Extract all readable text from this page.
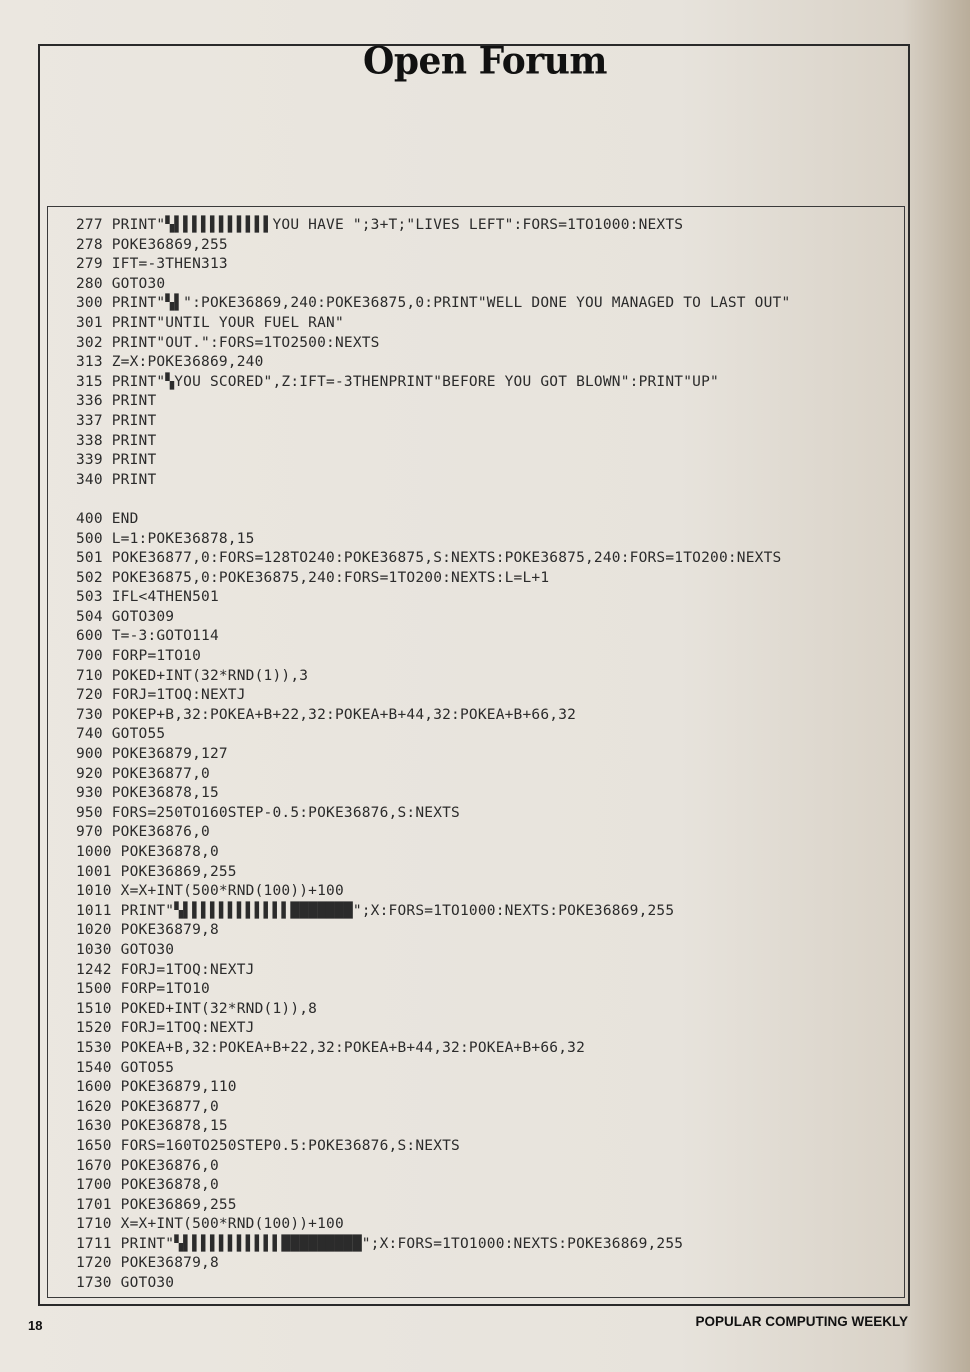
Open Forum
277 PRINT"▚▌▌▌▌▌▌▌▌▌▌▌YOU HAVE ";3+T;"LIVES LEFT":FORS=1TO1000:NEXTS
278 POKE36869,255
279 IFT=-3THEN313
280 GOTO30
300 PRINT"▚▌":POKE36869,240:POKE36875,0:PRINT"WELL DONE YOU MANAGED TO LAST OUT"
301 PRINT"UNTIL YOUR FUEL RAN"
302 PRINT"OUT.":FORS=1TO2500:NEXTS
313 Z=X:POKE36869,240
315 PRINT"▚YOU SCORED",Z:IFT=-3THENPRINT"BEFORE YOU GOT BLOWN":PRINT"UP"
336 PRINT
337 PRINT
338 PRINT
339 PRINT
340 PRINT
400 END
500 L=1:POKE36878,15
501 POKE36877,0:FORS=128TO240:POKE36875,S:NEXTS:POKE36875,240:FORS=1TO200:NEXTS
502 POKE36875,0:POKE36875,240:FORS=1TO200:NEXTS:L=L+1
503 IFL<4THEN501
504 GOTO309
600 T=-3:GOTO114
700 FORP=1TO10
710 POKED+INT(32*RND(1)),3
720 FORJ=1TOQ:NEXTJ
730 POKEP+B,32:POKEA+B+22,32:POKEA+B+44,32:POKEA+B+66,32
740 GOTO55
900 POKE36879,127
920 POKE36877,0
930 POKE36878,15
950 FORS=250TO160STEP-0.5:POKE36876,S:NEXTS
970 POKE36876,0
1000 POKE36878,0
1001 POKE36869,255
1010 X=X+INT(500*RND(100))+100
1011 PRINT"▚▌▌▌▌▌▌▌▌▌▌▌▌███████";X:FORS=1TO1000:NEXTS:POKE36869,255
1020 POKE36879,8
1030 GOTO30
1242 FORJ=1TOQ:NEXTJ
1500 FORP=1TO10
1510 POKED+INT(32*RND(1)),8
1520 FORJ=1TOQ:NEXTJ
1530 POKEA+B,32:POKEA+B+22,32:POKEA+B+44,32:POKEA+B+66,32
1540 GOTO55
1600 POKE36879,110
1620 POKE36877,0
1630 POKE36878,15
1650 FORS=160TO250STEP0.5:POKE36876,S:NEXTS
1670 POKE36876,0
1700 POKE36878,0
1701 POKE36869,255
1710 X=X+INT(500*RND(100))+100
1711 PRINT"▚▌▌▌▌▌▌▌▌▌▌▌█████████";X:FORS=1TO1000:NEXTS:POKE36869,255
1720 POKE36879,8
1730 GOTO30
18	POPULAR COMPUTING WEEKLY
